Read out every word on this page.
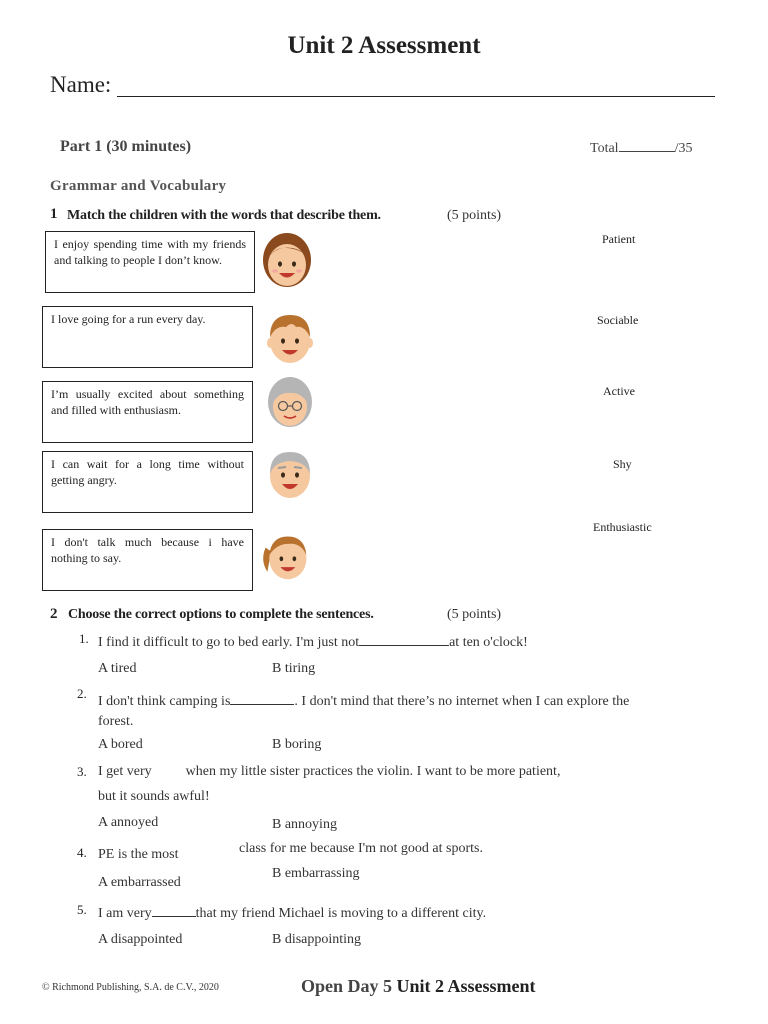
Unit 2 Assessment
Name:
Part 1 (30 minutes)	Total	/35
Grammar and Vocabulary
1 Match the children with the words that describe them.	(5 points)
I enjoy spending time with my friends and talking to people I don’t know.
I love going for a run every day.
I’m usually excited about something and filled with enthusiasm.
I can wait for a long time without getting angry.
I don't talk much because i have nothing to say.
Patient
Sociable
Active
Shy
Enthusiastic
2 Choose the correct options to complete the sentences.	(5 points)
1. I find it difficult to go to bed early. I'm just not	at ten o'clock!
A tired	B tiring
2.
I don't think camping is	. I don't mind that there’s no internet when I can explore the
forest.
A bored	B boring
3. I get very when my little sister practices the violin. I want to be more patient,
but it sounds awful!
A annoyed	B annoying
4. PE is the most	class for me because I'm not good at sports.
A embarrassed
B embarrassing
5. I am very	that my friend Michael is moving to a different city.
A disappointed	B disappointing
© Richmond Publishing, S.A. de C.V., 2020	Open Day 5 Unit 2 Assessment
